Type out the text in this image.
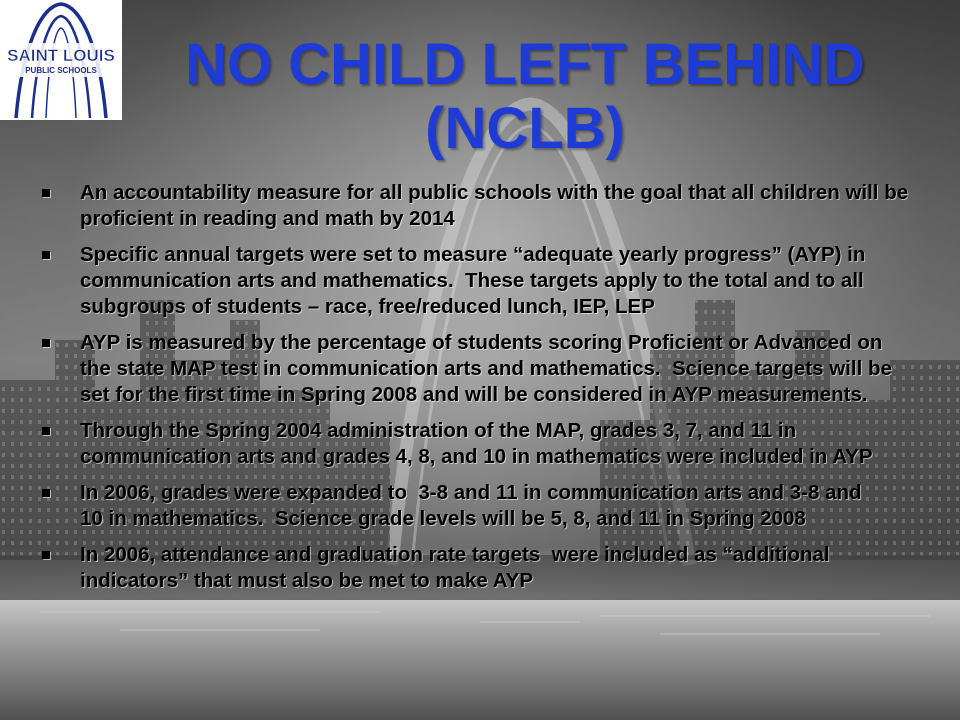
SAINT LOUIS
PUBLIC SCHOOLS	NO CHILD LEFT BEHIND
(NCLB)
An accountability measure for all public schools with the goal that all children will be
proficient in reading and math by 2014
Specific annual targets were set to measure “adequate yearly progress” (AYP) in
communication arts and mathematics.  These targets apply to the total and to all
subgroups of students – race, free/reduced lunch, IEP, LEP
AYP is measured by the percentage of students scoring Proficient or Advanced on
the state MAP test in communication arts and mathematics.  Science targets will be
set for the first time in Spring 2008 and will be considered in AYP measurements.
Through the Spring 2004 administration of the MAP, grades 3, 7, and 11 in
communication arts and grades 4, 8, and 10 in mathematics were included in AYP
In 2006, grades were expanded to  3-8 and 11 in communication arts and 3-8 and
10 in mathematics.  Science grade levels will be 5, 8, and 11 in Spring 2008
In 2006, attendance and graduation rate targets  were included as “additional
indicators” that must also be met to make AYP
